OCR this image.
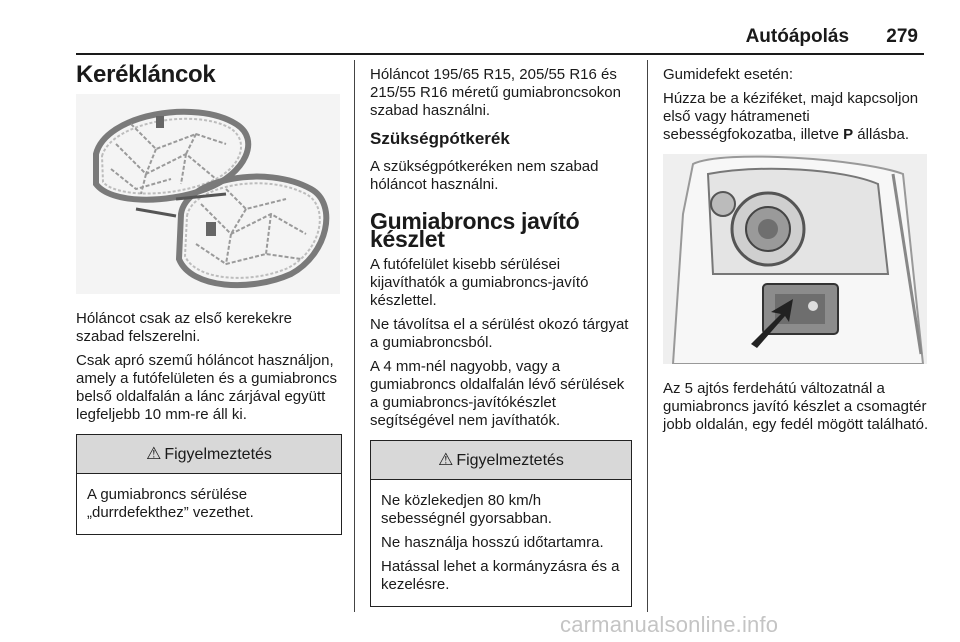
Autóápolás 279
Kerékláncok

Hóláncot csak az első kerekekre szabad felszerelni.

Csak apró szemű hóláncot használjon, amely a futófelületen és a gumiabroncs belső oldalfalán a lánc zárjával együtt legfeljebb 10 mm-re áll ki.

⚠ Figyelmeztetés

A gumiabroncs sérülése „durrdefekthez” vezethet.

Hóláncot 195/65 R15, 205/55 R16 és 215/55 R16 méretű gumiabroncsokon szabad használni.

Szükségpótkerék

A szükségpótkeréken nem szabad hóláncot használni.

Gumiabroncs javító készlet

A futófelület kisebb sérülései kijavíthatók a gumiabroncs-javító készlettel.

Ne távolítsa el a sérülést okozó tárgyat a gumiabroncsból.

A 4 mm-nél nagyobb, vagy a gumiabroncs oldalfalán lévő sérülések a gumiabroncs-javítókészlet segítségével nem javíthatók.

⚠ Figyelmeztetés

Ne közlekedjen 80 km/h sebességnél gyorsabban.

Ne használja hosszú időtartamra.

Hatással lehet a kormányzásra és a kezelésre.

Gumidefekt esetén:

Húzza be a kéziféket, majd kapcsoljon első vagy hátrameneti sebességfokozatba, illetve P állásba.

Az 5 ajtós ferdehátú változatnál a gumiabroncs javító készlet a csomagtér jobb oldalán, egy fedél mögött található.

carmanualsonline.info
